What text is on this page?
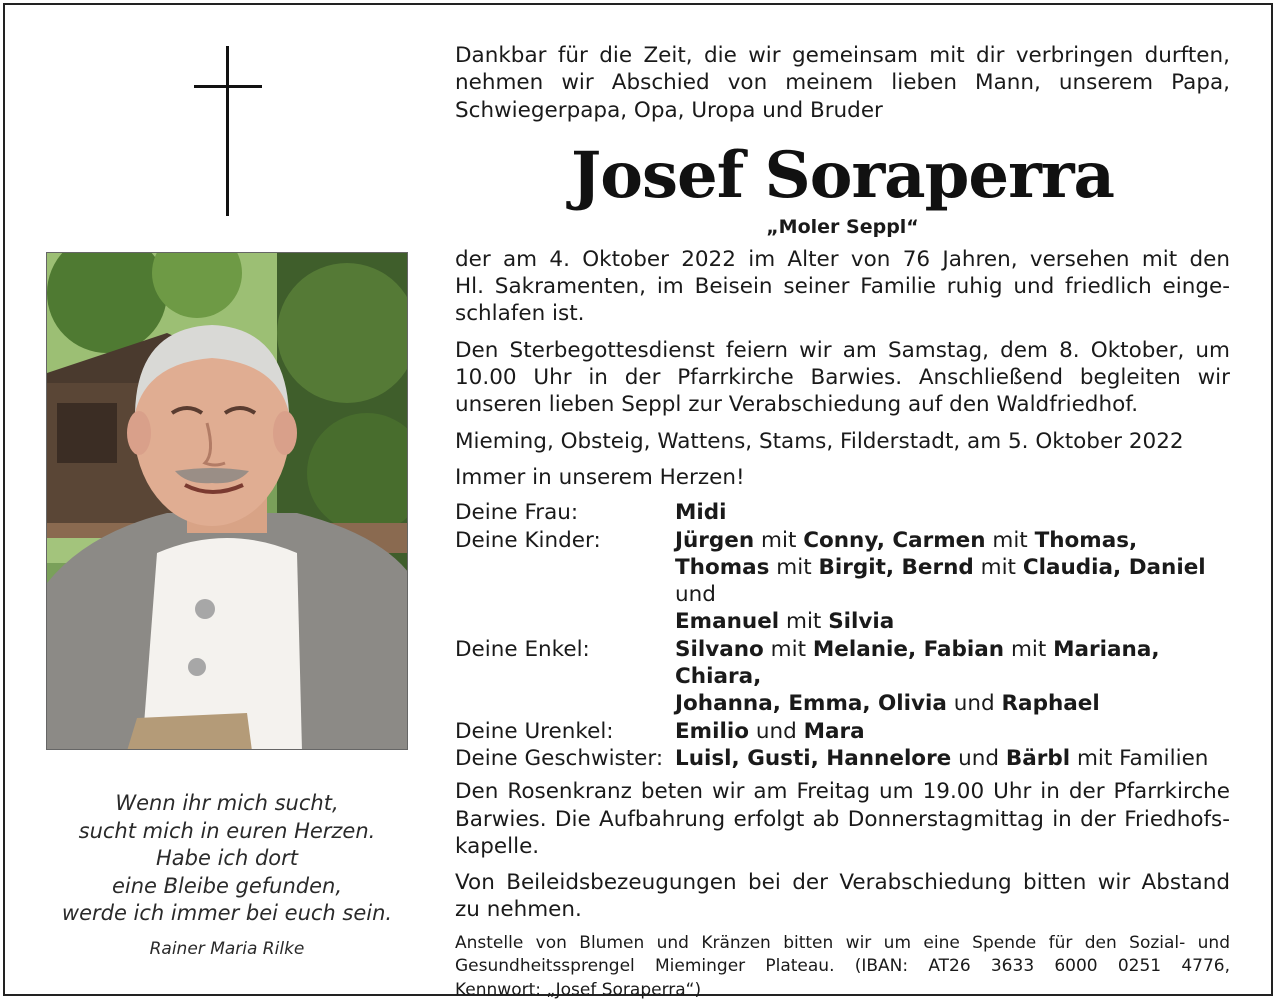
Wenn ihr mich sucht,
sucht mich in euren Herzen.
Habe ich dort
eine Bleibe gefunden,
werde ich immer bei euch sein.
Rainer Maria Rilke
Dankbar für die Zeit, die wir gemeinsam mit dir verbringen durften,
nehmen wir Abschied von meinem lieben Mann, unserem Papa,
Schwiegerpapa, Opa, Uropa und Bruder
Josef Soraperra
„Moler Seppl“
der am 4. Oktober 2022 im Alter von 76 Jahren, versehen mit den
Hl. Sakramenten, im Beisein seiner Familie ruhig und friedlich einge-
schlafen ist.
Den Sterbegottesdienst feiern wir am Samstag, dem 8. Oktober, um
10.00 Uhr in der Pfarrkirche Barwies. Anschließend begleiten wir
unseren lieben Seppl zur Verabschiedung auf den Waldfriedhof.
Mieming, Obsteig, Wattens, Stams, Filderstadt, am 5. Oktober 2022
Immer in unserem Herzen!
Deine Frau:	Midi
Deine Kinder:	Jürgen mit Conny, Carmen mit Thomas,
Thomas mit Birgit, Bernd mit Claudia, Daniel und
Emanuel mit Silvia
Deine Enkel:	Silvano mit Melanie, Fabian mit Mariana, Chiara,
Johanna, Emma, Olivia und Raphael
Deine Urenkel:	Emilio und Mara
Deine Geschwister:	Luisl, Gusti, Hannelore und Bärbl mit Familien
Den Rosenkranz beten wir am Freitag um 19.00 Uhr in der Pfarrkirche
Barwies. Die Aufbahrung erfolgt ab Donnerstagmittag in der Friedhofs-
kapelle.
Von Beileidsbezeugungen bei der Verabschiedung bitten wir Abstand
zu nehmen.
Anstelle von Blumen und Kränzen bitten wir um eine Spende für den Sozial- und
Gesundheitssprengel Mieminger Plateau. (IBAN: AT26 3633 6000 0251 4776,
Kennwort: „Josef Soraperra“)
